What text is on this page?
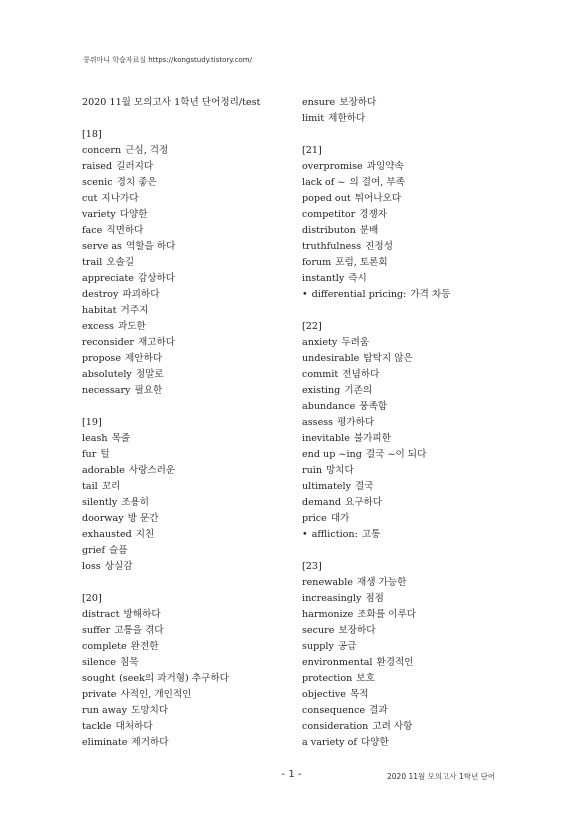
콩쥐마니 학습자료실 https://kongstudy.tistory.com/
2020 11월 모의고사 1학년 단어정리/test
[18]
concern 근심, 걱정
raised 길러지다
scenic 경치 좋은
cut 지나가다
variety 다양한
face 직면하다
serve as 역할을 하다
trail 오솔길
appreciate 감상하다
destroy 파괴하다
habitat 거주지
excess 과도한
reconsider 재고하다
propose 제안하다
absolutely 정말로
necessary 필요한
[19]
leash 목줄
fur 털
adorable 사랑스러운
tail 꼬리
silently 조용히
doorway 방 문간
exhausted 지친
grief 슬픔
loss 상실감
[20]
distract 방해하다
suffer 고통을 겪다
complete 완전한
silence 침묵
sought (seek의 과거형) 추구하다
private 사적인, 개인적인
run away 도망치다
tackle 대처하다
eliminate 제거하다
ensure 보장하다
limit 제한하다
[21]
overpromise 과잉약속
lack of ~ 의 결여, 부족
poped out 튀어나오다
competitor 경쟁자
distributon 분배
truthfulness 진정성
forum 포럼, 토론회
instantly 즉시
• differential pricing: 가격 차등
[22]
anxiety 두려움
undesirable 탐탁지 않은
commit 전념하다
existing 기존의
abundance 풍족함
assess 평가하다
inevitable 불가피한
end up ~ing 결국 ~이 되다
ruin 망치다
ultimately 결국
demand 요구하다
price 대가
• affliction: 고통
[23]
renewable 재생 가능한
increasingly 점점
harmonize 조화를 이루다
secure 보장하다
supply 공급
environmental 환경적인
protection 보호
objective 목적
consequence 결과
consideration 고려 사항
a variety of 다양한
- 1 -	2020 11월 모의고사 1학년 단어
